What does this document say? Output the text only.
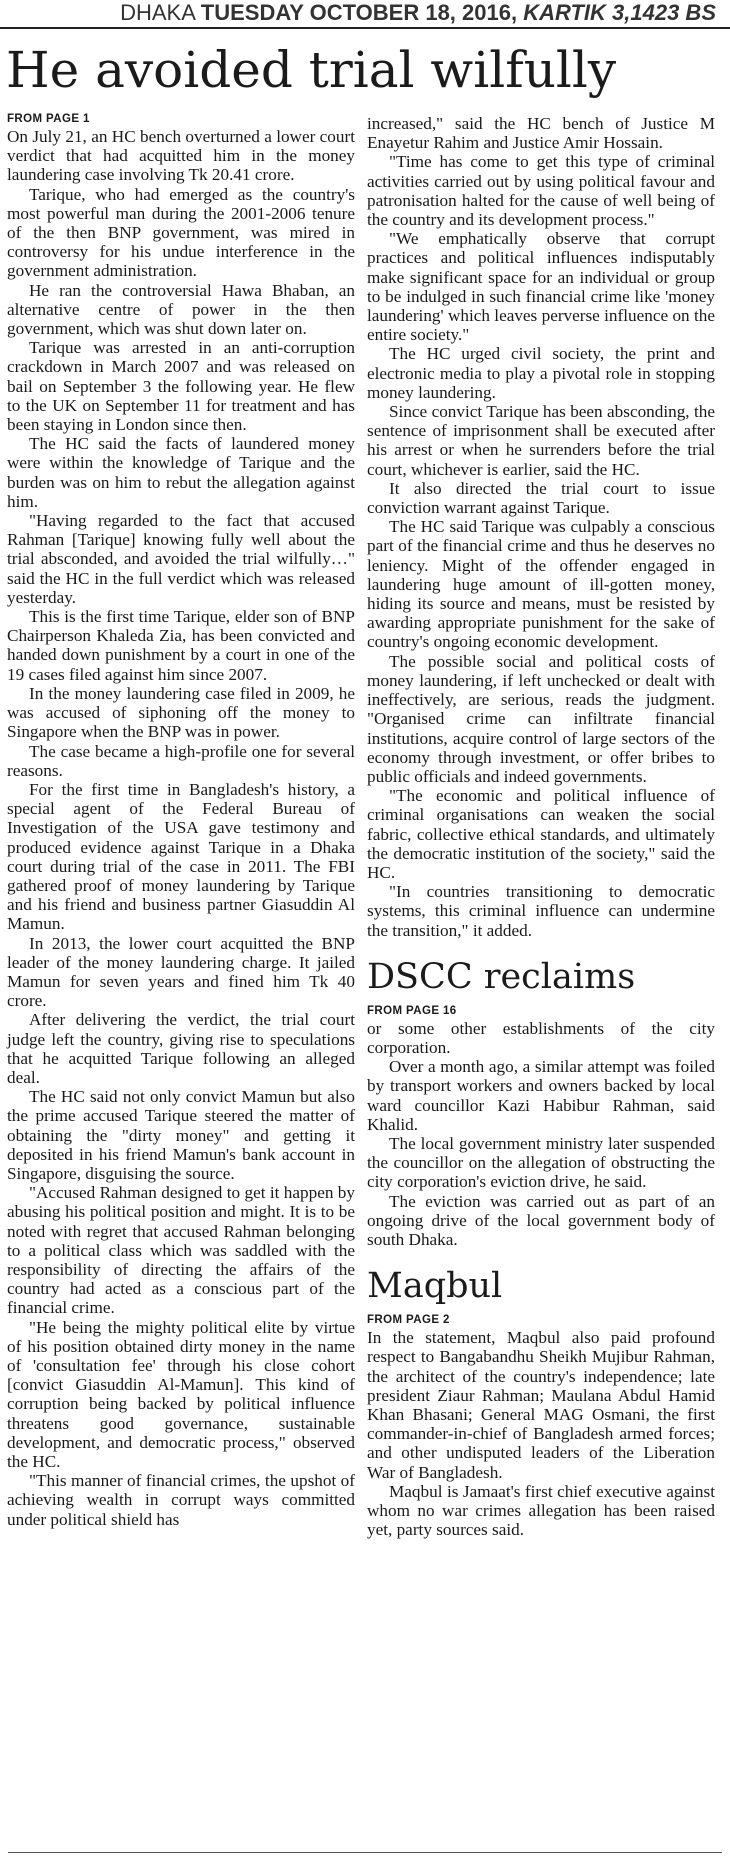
DHAKA TUESDAY OCTOBER 18, 2016, KARTIK 3,1423 BS
He avoided trial wilfully
FROM PAGE 1

On July 21, an HC bench overturned a lower court verdict that had acquitted him in the money laundering case involving Tk 20.41 crore.

Tarique, who had emerged as the country's most powerful man during the 2001-2006 tenure of the then BNP government, was mired in controversy for his undue interference in the government administration.

He ran the controversial Hawa Bhaban, an alternative centre of power in the then government, which was shut down later on.

Tarique was arrested in an anti-corruption crackdown in March 2007 and was released on bail on September 3 the following year. He flew to the UK on September 11 for treatment and has been staying in London since then.

The HC said the facts of laundered money were within the knowledge of Tarique and the burden was on him to rebut the allegation against him.

"Having regarded to the fact that accused Rahman [Tarique] knowing fully well about the trial absconded, and avoided the trial wilfully…" said the HC in the full verdict which was released yesterday.

This is the first time Tarique, elder son of BNP Chairperson Khaleda Zia, has been convicted and handed down punishment by a court in one of the 19 cases filed against him since 2007.

In the money laundering case filed in 2009, he was accused of siphoning off the money to Singapore when the BNP was in power.

The case became a high-profile one for several reasons.

For the first time in Bangladesh's history, a special agent of the Federal Bureau of Investigation of the USA gave testimony and produced evidence against Tarique in a Dhaka court during trial of the case in 2011. The FBI gathered proof of money laundering by Tarique and his friend and business partner Giasuddin Al Mamun.

In 2013, the lower court acquitted the BNP leader of the money laundering charge. It jailed Mamun for seven years and fined him Tk 40 crore.

After delivering the verdict, the trial court judge left the country, giving rise to speculations that he acquitted Tarique following an alleged deal.

The HC said not only convict Mamun but also the prime accused Tarique steered the matter of obtaining the "dirty money" and getting it deposited in his friend Mamun's bank account in Singapore, disguising the source.

"Accused Rahman designed to get it happen by abusing his political position and might. It is to be noted with regret that accused Rahman belonging to a political class which was saddled with the responsibility of directing the affairs of the country had acted as a conscious part of the financial crime.

"He being the mighty political elite by virtue of his position obtained dirty money in the name of 'consultation fee' through his close cohort [convict Giasuddin Al-Mamun]. This kind of corruption being backed by political influence threatens good governance, sustainable development, and democratic process," observed the HC.

"This manner of financial crimes, the upshot of achieving wealth in corrupt ways committed under political shield has

increased," said the HC bench of Justice M Enayetur Rahim and Justice Amir Hossain.

"Time has come to get this type of criminal activities carried out by using political favour and patronisation halted for the cause of well being of the country and its development process."

"We emphatically observe that corrupt practices and political influences indisputably make significant space for an individual or group to be indulged in such financial crime like 'money laundering' which leaves perverse influence on the entire society."

The HC urged civil society, the print and electronic media to play a pivotal role in stopping money laundering.

Since convict Tarique has been absconding, the sentence of imprisonment shall be executed after his arrest or when he surrenders before the trial court, whichever is earlier, said the HC.

It also directed the trial court to issue conviction warrant against Tarique.

The HC said Tarique was culpably a conscious part of the financial crime and thus he deserves no leniency. Might of the offender engaged in laundering huge amount of ill-gotten money, hiding its source and means, must be resisted by awarding appropriate punishment for the sake of country's ongoing economic development.

The possible social and political costs of money laundering, if left unchecked or dealt with ineffectively, are serious, reads the judgment. "Organised crime can infiltrate financial institutions, acquire control of large sectors of the economy through investment, or offer bribes to public officials and indeed governments.

"The economic and political influence of criminal organisations can weaken the social fabric, collective ethical standards, and ultimately the democratic institution of the society," said the HC.

"In countries transitioning to democratic systems, this criminal influence can undermine the transition," it added.

DSCC reclaims
FROM PAGE 16

or some other establishments of the city corporation.

Over a month ago, a similar attempt was foiled by transport workers and owners backed by local ward councillor Kazi Habibur Rahman, said Khalid.

The local government ministry later suspended the councillor on the allegation of obstructing the city corporation's eviction drive, he said.

The eviction was carried out as part of an ongoing drive of the local government body of south Dhaka.

Maqbul
FROM PAGE 2

In the statement, Maqbul also paid profound respect to Bangabandhu Sheikh Mujibur Rahman, the architect of the country's independence; late president Ziaur Rahman; Maulana Abdul Hamid Khan Bhasani; General MAG Osmani, the first commander-in-chief of Bangladesh armed forces; and other undisputed leaders of the Liberation War of Bangladesh.

Maqbul is Jamaat's first chief executive against whom no war crimes allegation has been raised yet, party sources said.
